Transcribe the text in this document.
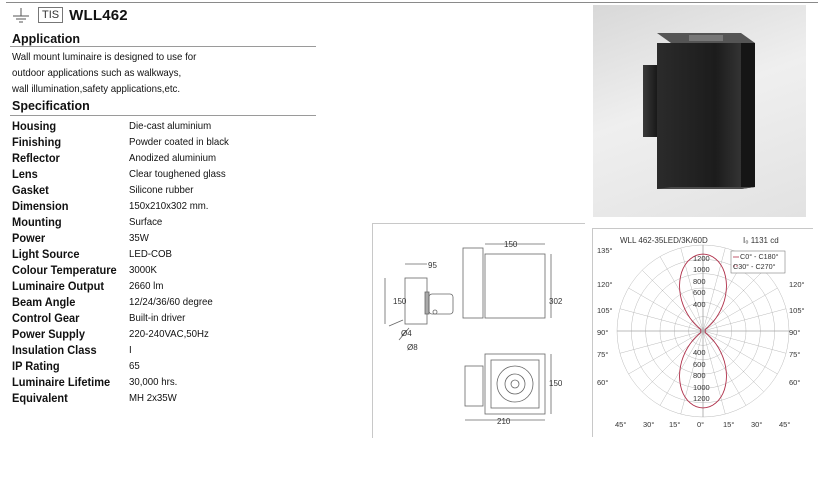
TIS WLL462
Application
Wall mount luminaire is designed to use for
outdoor applications such as walkways,
wall illumination,safety applications,etc.
Specification
Housing	Die-cast aluminium
Finishing	Powder coated in black
Reflector	Anodized aluminium
Lens	Clear toughened glass
Gasket	Silicone rubber
Dimension	150x210x302 mm.
Mounting	Surface
Power	35W
Light Source	LED-COB
Colour Temperature 3000K
Luminaire Output	2660 lm
Beam Angle	12/24/36/60 degree
Control Gear	Built-in driver
Power Supply	220-240VAC,50Hz
Insulation Class	I
IP Rating	65
Luminaire Lifetime	30,000 hrs.
Equivalent	MH 2x35W
95
150
150	302
150
210
Ø4
Ø8
135°
120°
105°
90°
75°
60°
120°
105°
90°
75°
60°
1200
1000
800
600
400
400
600
800
1000
1200
45° 30° 15° 0°	15° 30° 45°
C0° - C180°
C30° - C270°
WLL 462-35LED/3K/60D	I₀ 1131 cd
